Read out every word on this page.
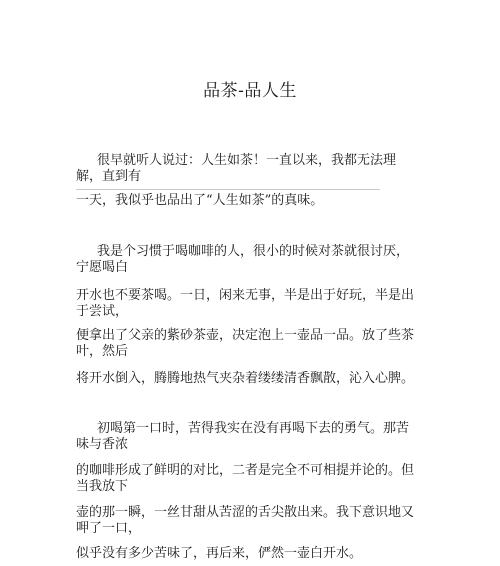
品茶-品人生
很早就听人说过：人生如茶！一直以来，我都无法理
解，直到有
一天，我似乎也品出了“人生如茶”的真味。
我是个习惯于喝咖啡的人，很小的时候对茶就很讨厌，
宁愿喝白
开水也不要茶喝。一日，闲来无事，半是出于好玩，半是出
于尝试，
便拿出了父亲的紫砂茶壶，决定泡上一壶品一品。放了些茶
叶，然后
将开水倒入，腾腾地热气夹杂着缕缕清香飘散，沁入心脾。
初喝第一口时，苦得我实在没有再喝下去的勇气。那苦
味与香浓
的咖啡形成了鲜明的对比，二者是完全不可相提并论的。但
当我放下
壶的那一瞬，一丝甘甜从苦涩的舌尖散出来。我下意识地又
呷了一口，
似乎没有多少苦味了，再后来，俨然一壶白开水。
